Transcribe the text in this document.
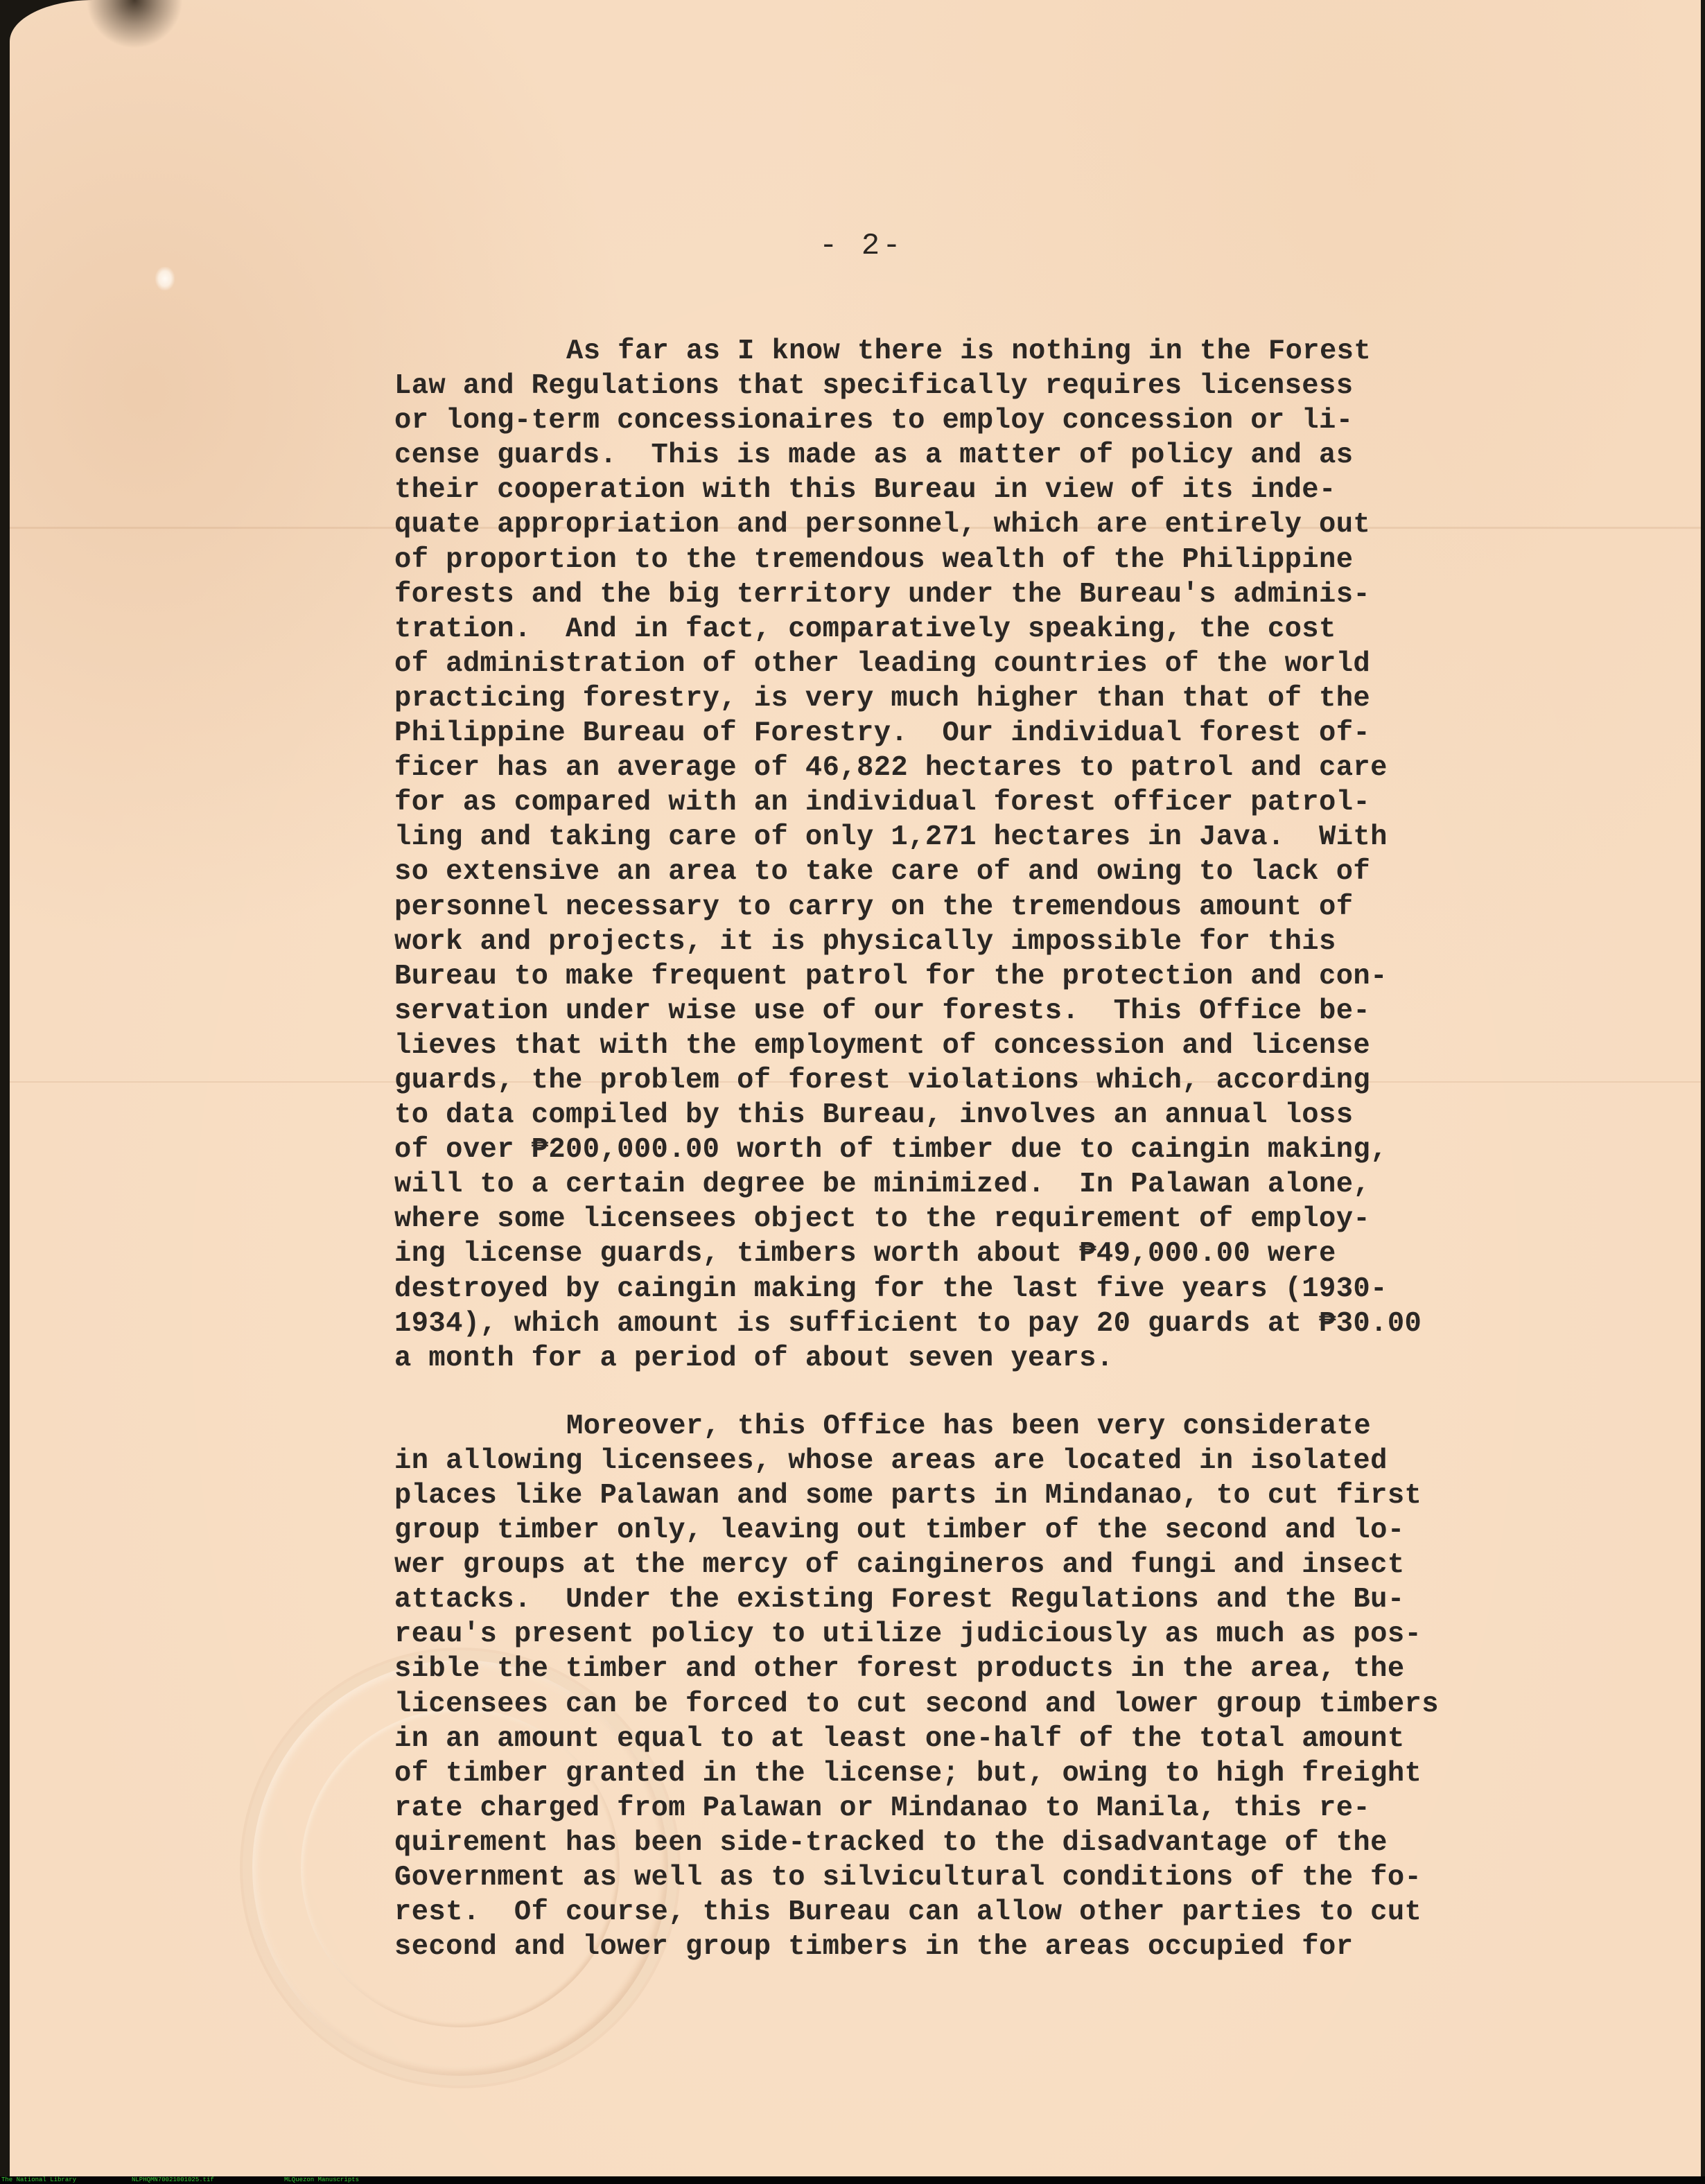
- 2-
As far as I know there is nothing in the Forest
Law and Regulations that specifically requires licensess
or long-term concessionaires to employ concession or li-
cense guards.  This is made as a matter of policy and as
their cooperation with this Bureau in view of its inde-
quate appropriation and personnel, which are entirely out
of proportion to the tremendous wealth of the Philippine
forests and the big territory under the Bureau's adminis-
tration.  And in fact, comparatively speaking, the cost
of administration of other leading countries of the world
practicing forestry, is very much higher than that of the
Philippine Bureau of Forestry.  Our individual forest of-
ficer has an average of 46,822 hectares to patrol and care
for as compared with an individual forest officer patrol-
ling and taking care of only 1,271 hectares in Java.  With
so extensive an area to take care of and owing to lack of
personnel necessary to carry on the tremendous amount of
work and projects, it is physically impossible for this
Bureau to make frequent patrol for the protection and con-
servation under wise use of our forests.  This Office be-
lieves that with the employment of concession and license
guards, the problem of forest violations which, according
to data compiled by this Bureau, involves an annual loss
of over ₱200,000.00 worth of timber due to caingin making,
will to a certain degree be minimized.  In Palawan alone,
where some licensees object to the requirement of employ-
ing license guards, timbers worth about ₱49,000.00 were
destroyed by caingin making for the last five years (1930-
1934), which amount is sufficient to pay 20 guards at ₱30.00
a month for a period of about seven years.
Moreover, this Office has been very considerate
in allowing licensees, whose areas are located in isolated
places like Palawan and some parts in Mindanao, to cut first
group timber only, leaving out timber of the second and lo-
wer groups at the mercy of caingineros and fungi and insect
attacks.  Under the existing Forest Regulations and the Bu-
reau's present policy to utilize judiciously as much as pos-
sible the timber and other forest products in the area, the
licensees can be forced to cut second and lower group timbers
in an amount equal to at least one-half of the total amount
of timber granted in the license; but, owing to high freight
rate charged from Palawan or Mindanao to Manila, this re-
quirement has been side-tracked to the disadvantage of the
Government as well as to silvicultural conditions of the fo-
rest.  Of course, this Bureau can allow other parties to cut
second and lower group timbers in the areas occupied for
The National Library	NLPHQMN70021001025.tif	MLQuezon Manuscripts
